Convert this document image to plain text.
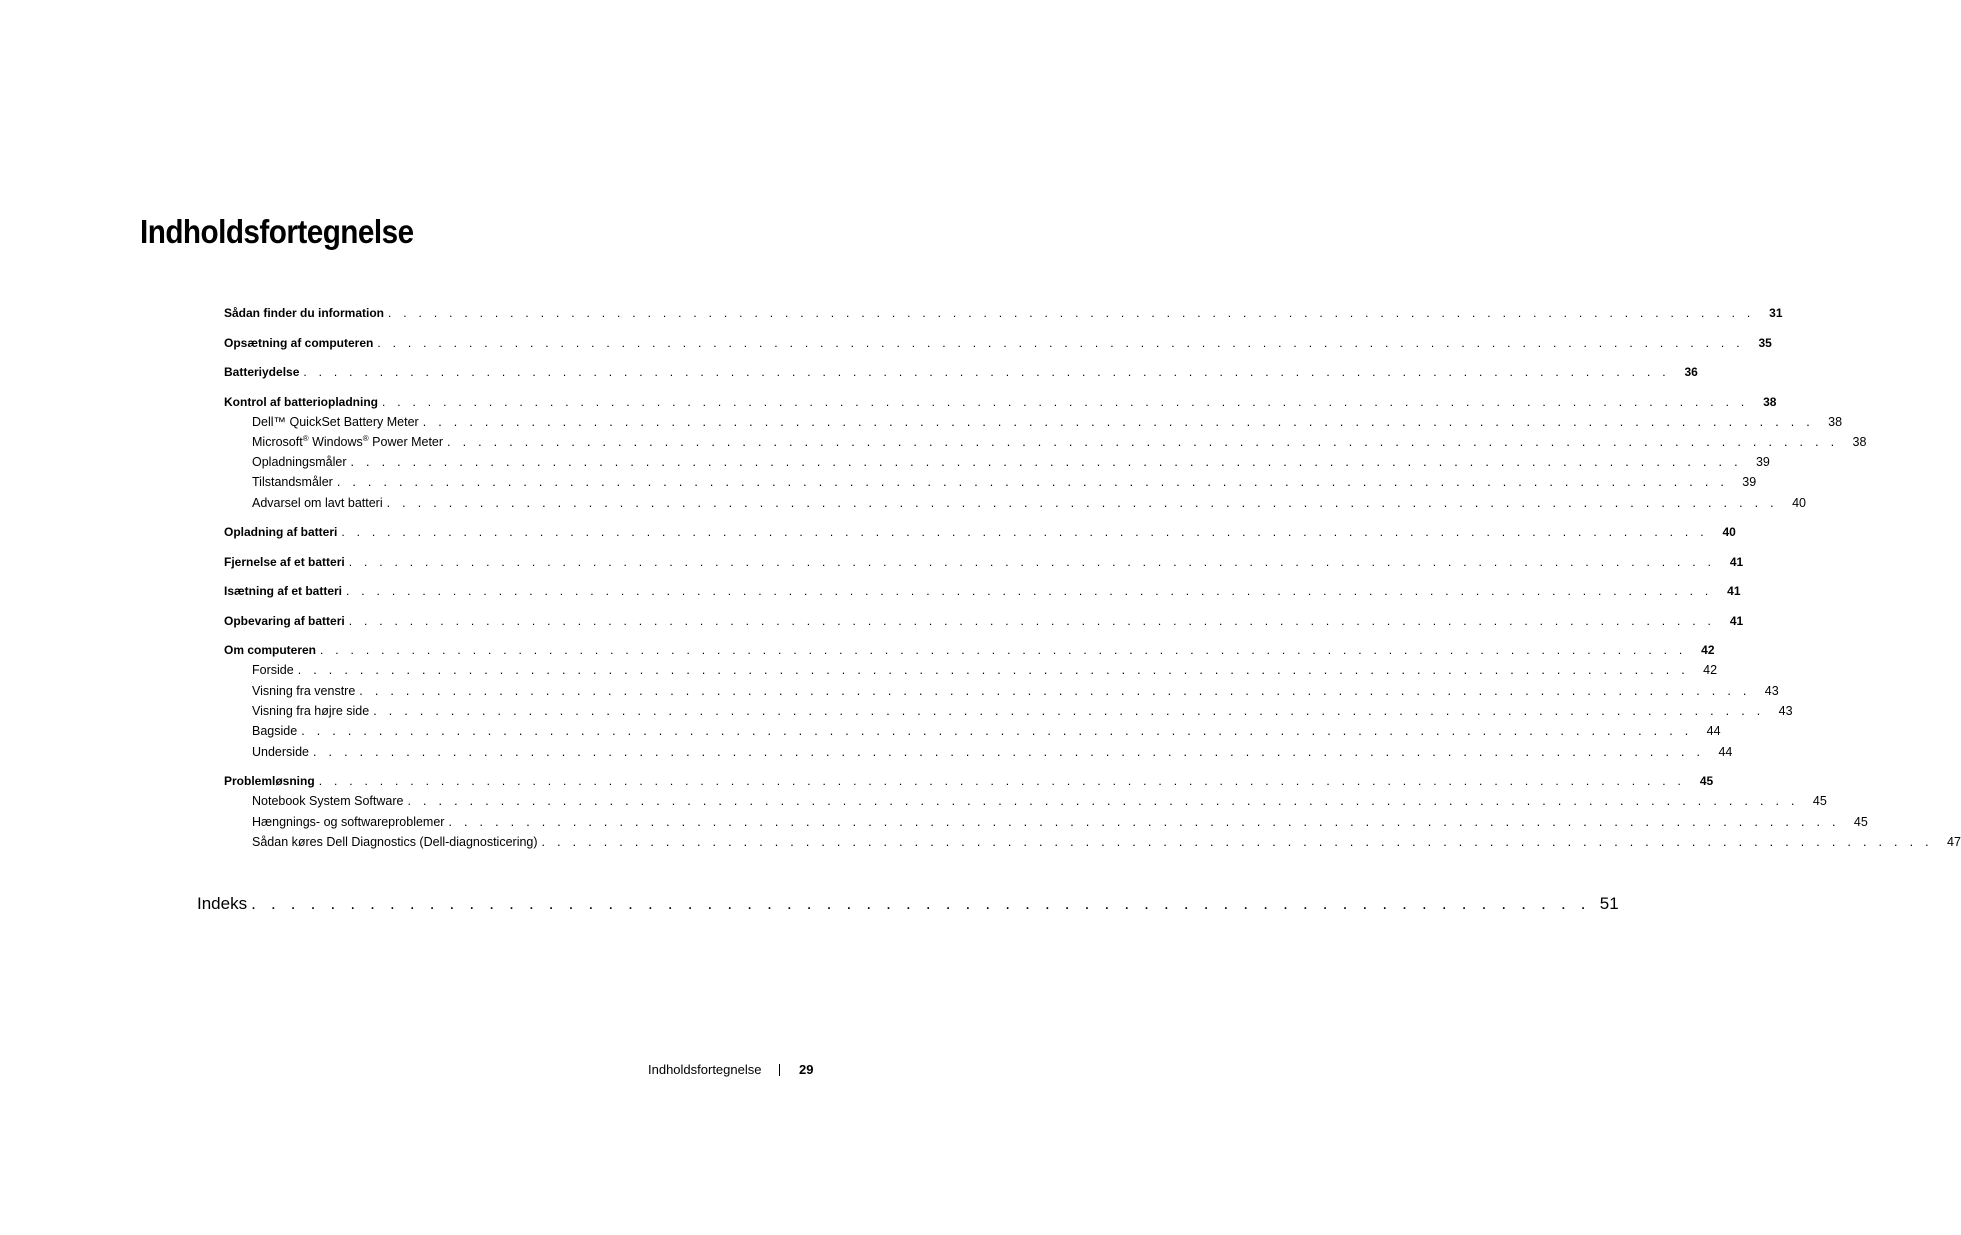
Indholdsfortegnelse
Sådan finder du information . . . . . . . . . . . . . . . . . . . . . . . . . . . . . . . . . . . . . . . . . . . . . . . . . . . . . . . . . . . . . . . . . . . . . . . . . . . . . . . . . . . . . . . . . .	31
Opsætning af computeren . . . . . . . . . . . . . . . . . . . . . . . . . . . . . . . . . . . . . . . . . . . . . . . . . . . . . . . . . . . . . . . . . . . . . . . . . . . . . . . . . . . . . . . . . .	35
Batteriydelse . . . . . . . . . . . . . . . . . . . . . . . . . . . . . . . . . . . . . . . . . . . . . . . . . . . . . . . . . . . . . . . . . . . . . . . . . . . . . . . . . . . . . . . . . .	36
Kontrol af batteriopladning . . . . . . . . . . . . . . . . . . . . . . . . . . . . . . . . . . . . . . . . . . . . . . . . . . . . . . . . . . . . . . . . . . . . . . . . . . . . . . . . . . . . . . . . . .	38
Dell™ QuickSet Battery Meter . . . . . . . . . . . . . . . . . . . . . . . . . . . . . . . . . . . . . . . . . . . . . . . . . . . . . . . . . . . . . . . . . . . . . . . . . . . . . . . . . . . . . . . . . .	38
Microsoft® Windows® Power Meter . . . . . . . . . . . . . . . . . . . . . . . . . . . . . . . . . . . . . . . . . . . . . . . . . . . . . . . . . . . . . . . . . . . . . . . . . . . . . . . . . . . . . . . . . .	38
Opladningsmåler . . . . . . . . . . . . . . . . . . . . . . . . . . . . . . . . . . . . . . . . . . . . . . . . . . . . . . . . . . . . . . . . . . . . . . . . . . . . . . . . . . . . . . . . . .	39
Tilstandsmåler . . . . . . . . . . . . . . . . . . . . . . . . . . . . . . . . . . . . . . . . . . . . . . . . . . . . . . . . . . . . . . . . . . . . . . . . . . . . . . . . . . . . . . . . . .	39
Advarsel om lavt batteri . . . . . . . . . . . . . . . . . . . . . . . . . . . . . . . . . . . . . . . . . . . . . . . . . . . . . . . . . . . . . . . . . . . . . . . . . . . . . . . . . . . . . . . . . .	40
Opladning af batteri . . . . . . . . . . . . . . . . . . . . . . . . . . . . . . . . . . . . . . . . . . . . . . . . . . . . . . . . . . . . . . . . . . . . . . . . . . . . . . . . . . . . . . . . . .	40
Fjernelse af et batteri . . . . . . . . . . . . . . . . . . . . . . . . . . . . . . . . . . . . . . . . . . . . . . . . . . . . . . . . . . . . . . . . . . . . . . . . . . . . . . . . . . . . . . . . . .	41
Isætning af et batteri . . . . . . . . . . . . . . . . . . . . . . . . . . . . . . . . . . . . . . . . . . . . . . . . . . . . . . . . . . . . . . . . . . . . . . . . . . . . . . . . . . . . . . . . . .	41
Opbevaring af batteri . . . . . . . . . . . . . . . . . . . . . . . . . . . . . . . . . . . . . . . . . . . . . . . . . . . . . . . . . . . . . . . . . . . . . . . . . . . . . . . . . . . . . . . . . .	41
Om computeren . . . . . . . . . . . . . . . . . . . . . . . . . . . . . . . . . . . . . . . . . . . . . . . . . . . . . . . . . . . . . . . . . . . . . . . . . . . . . . . . . . . . . . . . . .	42
Forside . . . . . . . . . . . . . . . . . . . . . . . . . . . . . . . . . . . . . . . . . . . . . . . . . . . . . . . . . . . . . . . . . . . . . . . . . . . . . . . . . . . . . . . . . .	42
Visning fra venstre . . . . . . . . . . . . . . . . . . . . . . . . . . . . . . . . . . . . . . . . . . . . . . . . . . . . . . . . . . . . . . . . . . . . . . . . . . . . . . . . . . . . . . . . . .	43
Visning fra højre side . . . . . . . . . . . . . . . . . . . . . . . . . . . . . . . . . . . . . . . . . . . . . . . . . . . . . . . . . . . . . . . . . . . . . . . . . . . . . . . . . . . . . . . . . .	43
Bagside . . . . . . . . . . . . . . . . . . . . . . . . . . . . . . . . . . . . . . . . . . . . . . . . . . . . . . . . . . . . . . . . . . . . . . . . . . . . . . . . . . . . . . . . . .	44
Underside . . . . . . . . . . . . . . . . . . . . . . . . . . . . . . . . . . . . . . . . . . . . . . . . . . . . . . . . . . . . . . . . . . . . . . . . . . . . . . . . . . . . . . . . . .	44
Problemløsning . . . . . . . . . . . . . . . . . . . . . . . . . . . . . . . . . . . . . . . . . . . . . . . . . . . . . . . . . . . . . . . . . . . . . . . . . . . . . . . . . . . . . . . . . .	45
Notebook System Software . . . . . . . . . . . . . . . . . . . . . . . . . . . . . . . . . . . . . . . . . . . . . . . . . . . . . . . . . . . . . . . . . . . . . . . . . . . . . . . . . . . . . . . . . .	45
Hængnings- og softwareproblemer . . . . . . . . . . . . . . . . . . . . . . . . . . . . . . . . . . . . . . . . . . . . . . . . . . . . . . . . . . . . . . . . . . . . . . . . . . . . . . . . . . . . . . . . . .	45
Sådan køres Dell Diagnostics (Dell-diagnosticering) . . . . . . . . . . . . . . . . . . . . . . . . . . . . . . . . . . . . . . . . . . . . . . . . . . . . . . . . . . . . . . . . . . . . . . . . . . . . . . . . . . . . . . . . . .	47
Indeks . . . . . . . . . . . . . . . . . . . . . . . . . . . . . . . . . . . . . . . . . . . . . . . . . . . . . . . . . . . . . . . . . . . . 51
Indholdsfortegnelse	29
